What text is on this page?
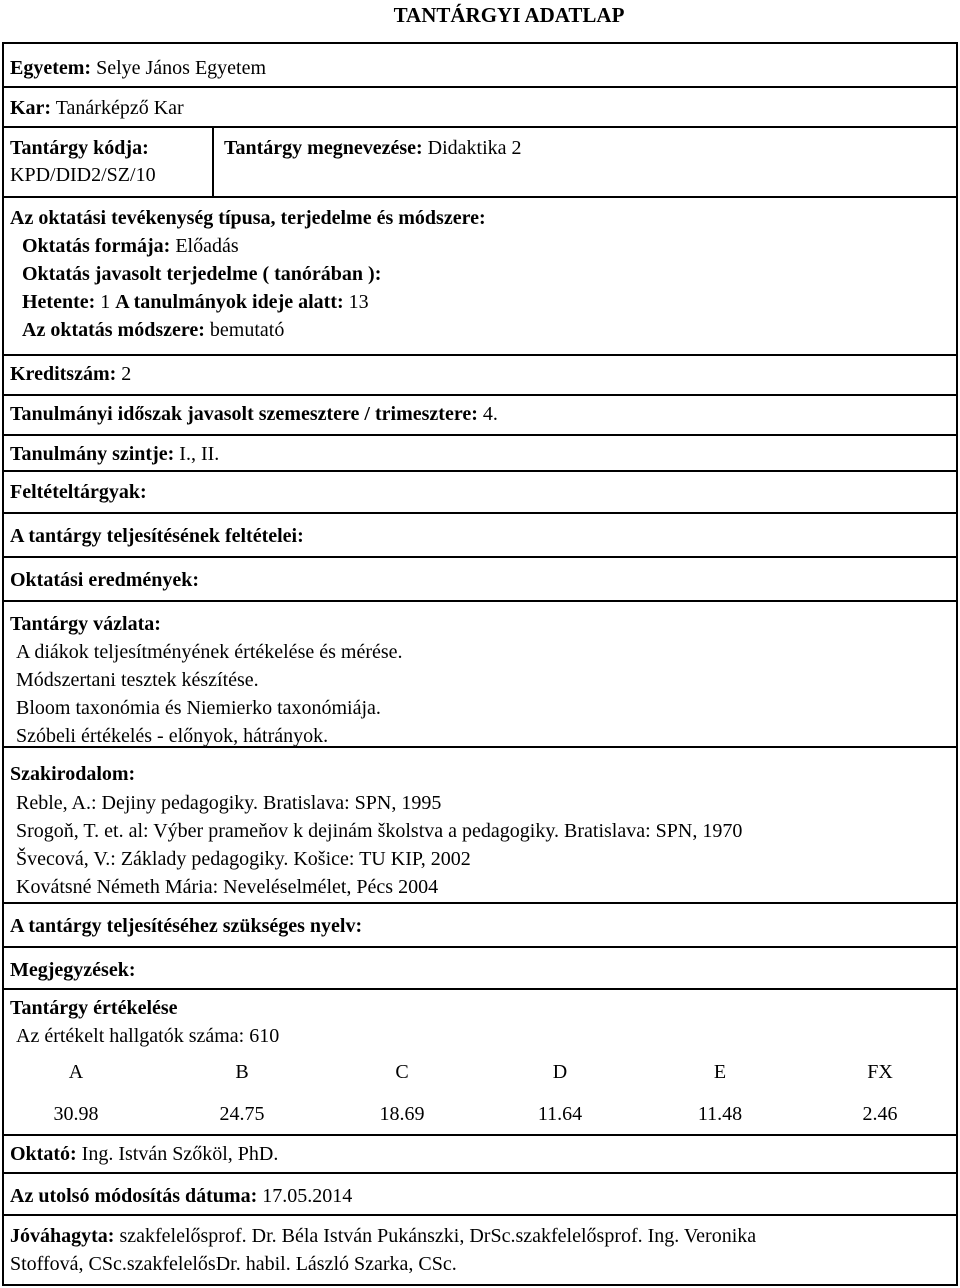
TANTÁRGYI ADATLAP
Egyetem: Selye János Egyetem
Kar: Tanárképző Kar
Tantárgy kódja:
KPD/DID2/SZ/10
Tantárgy megnevezése: Didaktika 2
Az oktatási tevékenység típusa, terjedelme és módszere:
Oktatás formája: Előadás
Oktatás javasolt terjedelme ( tanórában ):
Hetente: 1 A tanulmányok ideje alatt: 13
Az oktatás módszere: bemutató
Kreditszám: 2
Tanulmányi időszak javasolt szemesztere / trimesztere: 4.
Tanulmány szintje: I., II.
Feltételtárgyak:
A tantárgy teljesítésének feltételei:
Oktatási eredmények:
Tantárgy vázlata:
A diákok teljesítményének értékelése és mérése.
Módszertani tesztek készítése.
Bloom taxonómia és Niemierko taxonómiája.
Szóbeli értékelés - előnyok, hátrányok.
Szakirodalom:
Reble, A.: Dejiny pedagogiky. Bratislava: SPN, 1995
Srogoň, T. et. al: Výber prameňov k dejinám školstva a pedagogiky. Bratislava: SPN, 1970
Švecová, V.: Základy pedagogiky. Košice: TU KIP, 2002
Kovátsné Németh Mária: Neveléselmélet, Pécs 2004
A tantárgy teljesítéséhez szükséges nyelv:
Megjegyzések:
Tantárgy értékelése
Az értékelt hallgatók száma: 610
A	B	C	D	E	FX
30.98	24.75	18.69	11.64	11.48	2.46
Oktató: Ing. István Szőköl, PhD.
Az utolsó módosítás dátuma: 17.05.2014
Jóváhagyta: szakfelelősprof. Dr. Béla István Pukánszki, DrSc.szakfelelősprof. Ing. Veronika
Stoffová, CSc.szakfelelősDr. habil. László Szarka, CSc.
